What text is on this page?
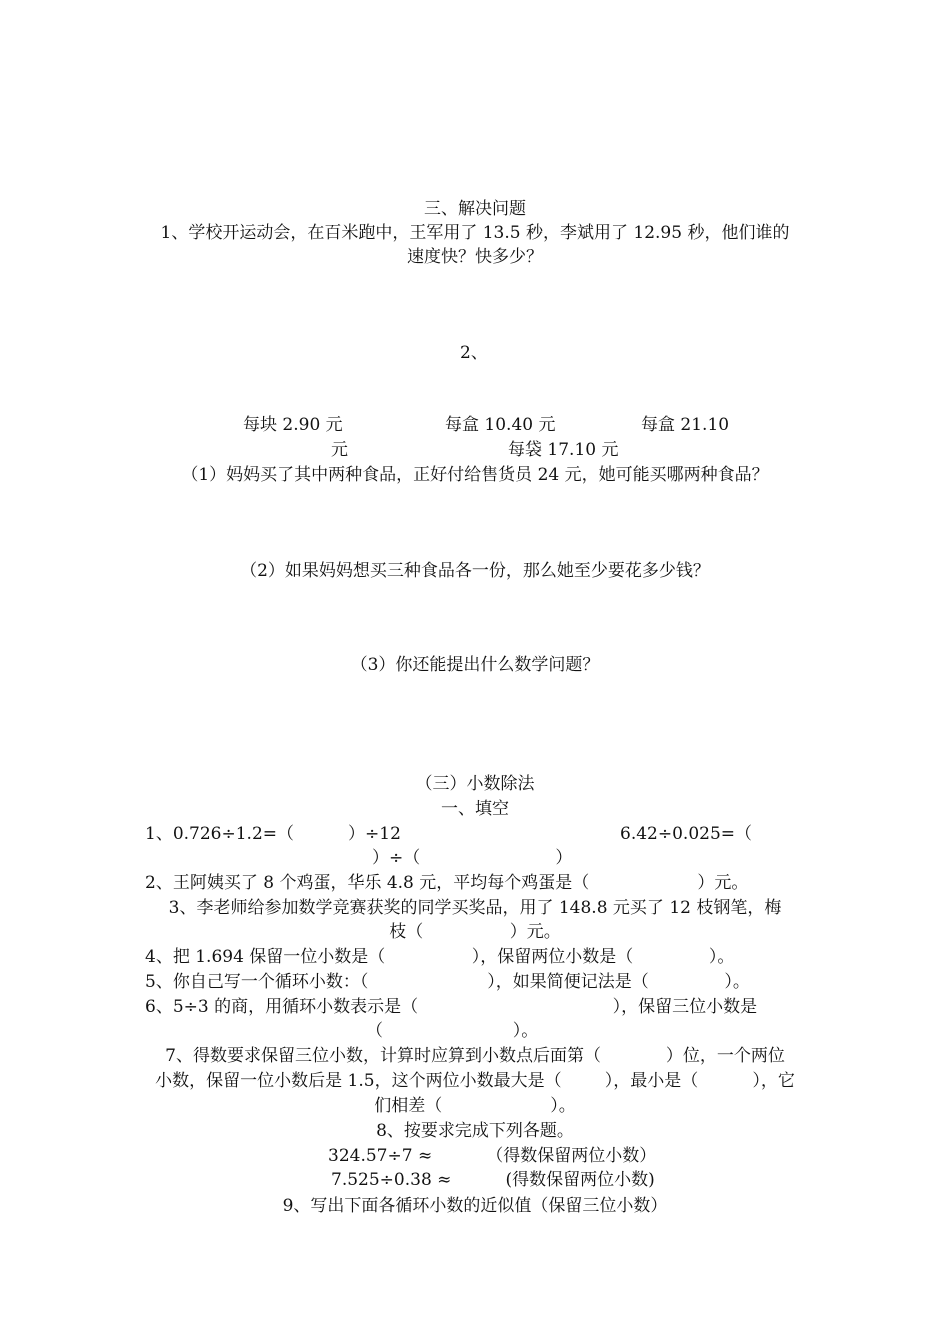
三、解决问题
1、学校开运动会，在百米跑中，王军用了 13.5 秒，李斌用了 12.95 秒，他们谁的
速度快？快多少？
2、
每块 2.90 元	每盒 10.40 元	每盒 21.10
元	每袋 17.10 元
（1）妈妈买了其中两种食品，正好付给售货员 24 元，她可能买哪两种食品？
（2）如果妈妈想买三种食品各一份，那么她至少要花多少钱？
（3）你还能提出什么数学问题？
（三）小数除法
一、填空
1、0.726÷1.2=（          ）÷12	6.42÷0.025=（
）÷（                         ）
2、王阿姨买了 8 个鸡蛋，华乐 4.8 元，平均每个鸡蛋是（                    ）元。
3、李老师给参加数学竞赛获奖的同学买奖品，用了 148.8 元买了 12 枝钢笔，梅
枝（                ）元。
4、把 1.694 保留一位小数是（                ），保留两位小数是（              ）。
5、你自己写一个循环小数：（                      ），如果简便记法是（              ）。
6、5÷3 的商，用循环小数表示是（                                    ），保留三位小数是
（                        ）。
7、得数要求保留三位小数，计算时应算到小数点后面第（            ）位，一个两位
小数，保留一位小数后是 1.5，这个两位小数最大是（        ），最小是（          ），它
们相差（                    ）。
8、按要求完成下列各题。
324.57÷7 ≈          （得数保留两位小数）
7.525÷0.38 ≈          (得数保留两位小数)
9、写出下面各循环小数的近似值（保留三位小数）
